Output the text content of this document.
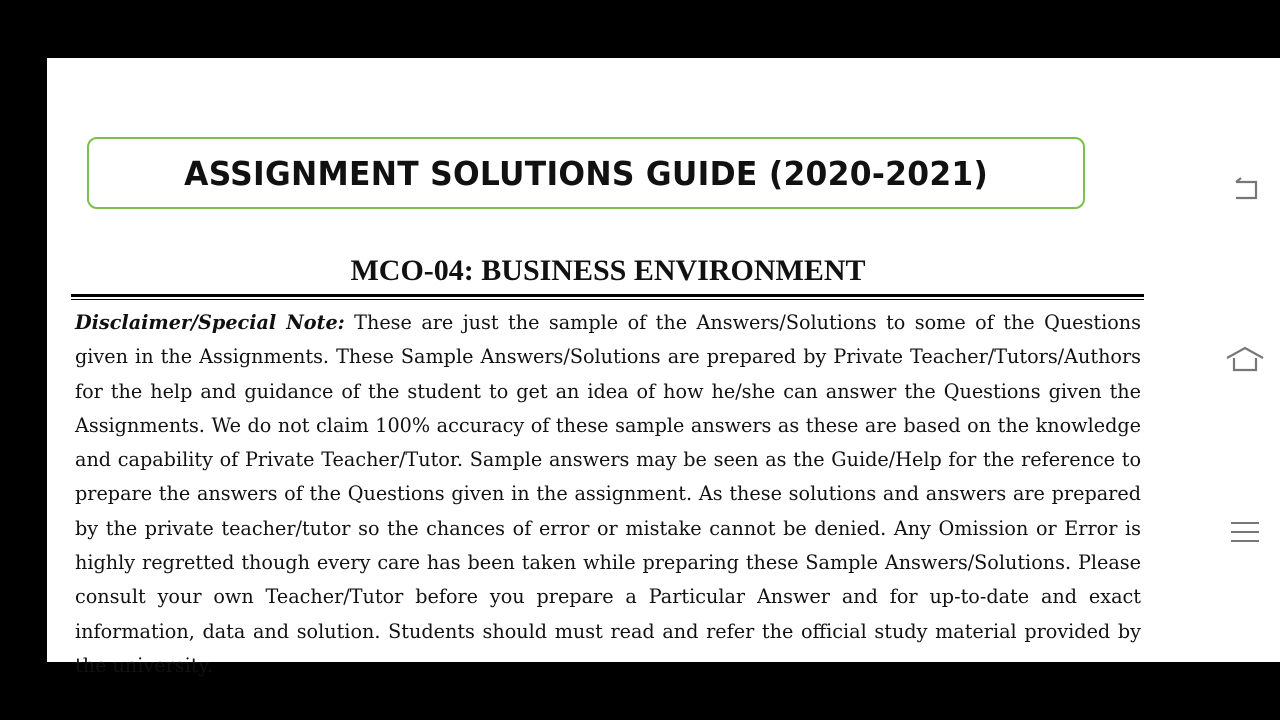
ASSIGNMENT SOLUTIONS GUIDE (2020-2021)
MCO-04: BUSINESS ENVIRONMENT
Disclaimer/Special Note: These are just the sample of the Answers/Solutions to some of the Questions given in the Assignments. These Sample Answers/Solutions are prepared by Private Teacher/Tutors/Authors for the help and guidance of the student to get an idea of how he/she can answer the Questions given the Assignments. We do not claim 100% accuracy of these sample answers as these are based on the knowledge and capability of Private Teacher/Tutor. Sample answers may be seen as the Guide/Help for the reference to prepare the answers of the Questions given in the assignment. As these solutions and answers are prepared by the private teacher/tutor so the chances of error or mistake cannot be denied. Any Omission or Error is highly regretted though every care has been taken while preparing these Sample Answers/Solutions. Please consult your own Teacher/Tutor before you prepare a Particular Answer and for up-to-date and exact information, data and solution. Students should must read and refer the official study material provided by the university.
